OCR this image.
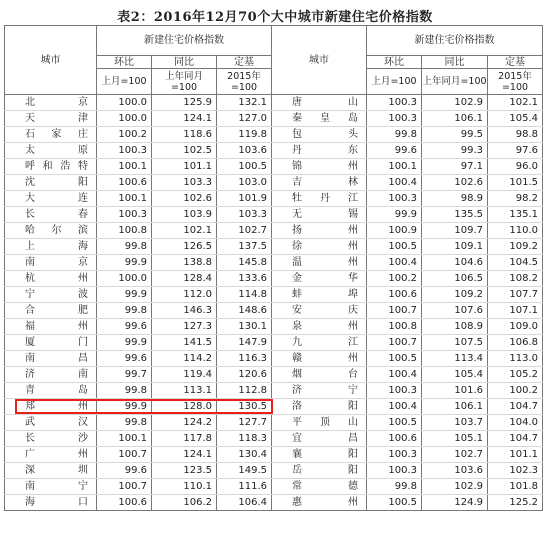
表2：2016年12月70个大中城市新建住宅价格指数
城市	新建住宅价格指数			城市	新建住宅价格指数		
	环比	同比	定基		环比	同比	定基
	上月=100	上年同月=100	2015年=100		上月=100	上年同月=100	2015年=100
北京	100.0	125.9	132.1	唐山	100.3	102.9	102.1
天津	100.0	124.1	127.0	秦皇岛	100.3	106.1	105.4
石家庄	100.2	118.6	119.8	包头	99.8	99.5	98.8
太原	100.3	102.5	103.6	丹东	99.6	99.3	97.6
呼和浩特	100.1	101.1	100.5	锦州	100.1	97.1	96.0
沈阳	100.6	103.3	103.0	吉林	100.4	102.6	101.5
大连	100.1	102.6	101.9	牡丹江	100.3	98.9	98.2
长春	100.3	103.9	103.3	无锡	99.9	135.5	135.1
哈尔滨	100.8	102.1	102.7	扬州	100.9	109.7	110.0
上海	99.8	126.5	137.5	徐州	100.5	109.1	109.2
南京	99.9	138.8	145.8	温州	100.4	104.6	104.5
杭州	100.0	128.4	133.6	金华	100.2	106.5	108.2
宁波	99.9	112.0	114.8	蚌埠	100.6	109.2	107.7
合肥	99.8	146.3	148.6	安庆	100.7	107.6	107.1
福州	99.6	127.3	130.1	泉州	100.8	108.9	109.0
厦门	99.9	141.5	147.9	九江	100.7	107.5	106.8
南昌	99.6	114.2	116.3	赣州	100.5	113.4	113.0
济南	99.7	119.4	120.6	烟台	100.4	105.4	105.2
青岛	99.8	113.1	112.8	济宁	100.3	101.6	100.2
郑州	99.9	128.0	130.5	洛阳	100.4	106.1	104.7
武汉	99.8	124.2	127.7	平顶山	100.5	103.7	104.0
长沙	100.1	117.8	118.3	宜昌	100.6	105.1	104.7
广州	100.7	124.1	130.4	襄阳	100.3	102.7	101.1
深圳	99.6	123.5	149.5	岳阳	100.3	103.6	102.3
南宁	100.7	110.1	111.6	常德	99.8	102.9	101.8
海口	100.6	106.2	106.4	惠州	100.5	124.9	125.2
